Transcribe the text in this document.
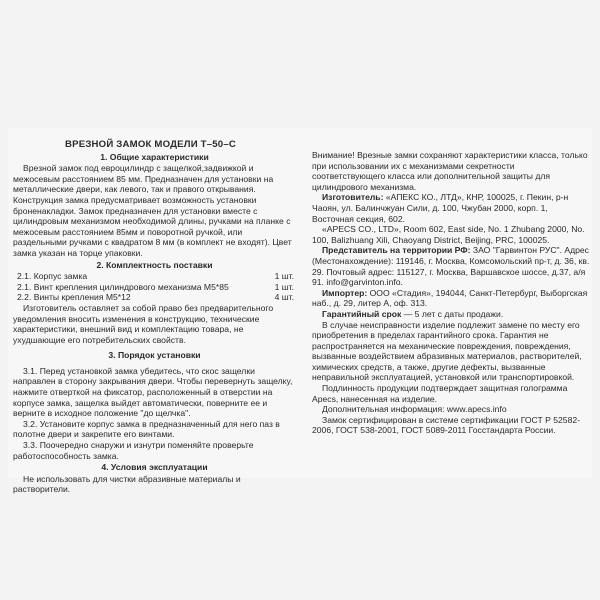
ВРЕЗНОЙ ЗАМОК МОДЕЛИ Т–50–С
1. Общие характеристики

Врезной замок под евроцилиндр с защелкой,задвижкой и межосевым расстоянием 85 мм. Предназначен для установки на металлические двери, как левого, так и правого открывания. Конструкция замка предусматривает возможность установки броненакладки. Замок предназначен для установки вместе с цилиндровым механизмом необходимой длины, ручками на планке с межосевым расстоянием 85мм и поворотной ручкой, или раздельными ручками с квадратом 8 мм (в комплект не входят). Цвет замка указан на торце упаковки.

2. Комплектность поставки
2.1. Корпус замка	1 шт.
2.1. Винт крепления цилиндрового механизма М5*85	1 шт.
2.2. Винты крепления М5*12	4 шт.

Изготовитель оставляет за собой право без предварительного уведомления вносить изменения в конструкцию, технические характеристики, внешний вид и комплектацию товара, не ухудшающие его потребительских свойств.

3. Порядок установки

3.1. Перед установкой замка убедитесь, что скос защелки направлен в сторону закрывания двери. Чтобы перевернуть защелку, нажмите отверткой на фиксатор, расположенный в отверстии на корпусе замка, защелка выйдет автоматически, поверните ее и верните в исходное положение "до щелчка".

3.2. Установите корпус замка в предназначенный для него паз в полотне двери и закрепите его винтами.

3.3. Поочередно снаружи и изнутри поменяйте проверьте работоспособность замка.

4. Условия эксплуатации

Не использовать для чистки абразивные материалы и растворители.

Внимание! Врезные замки сохраняют характеристики класса, только при использовании их с механизмами секретности соответствующего класса или дополнительной защиты для цилиндрового механизма.

Изготовитель: «АПЕКС КО., ЛТД», КНР, 100025, г. Пекин, р-н Чаоян, ул. Балинчжуан Сили, д. 100, Чжубан 2000, корп. 1, Восточная секция, 602.

«APECS CO., LTD», Room 602, East side, No. 1 Zhubang 2000, No. 100, Balizhuang Xili, Chaoyang District, Beijing, PRC, 100025.

Представитель на территории РФ: ЗАО "Гарвинтон РУС". Адрес (Местонахождение): 119146, г. Москва, Комсомольский пр-т, д. 36, кв. 29. Почтовый адрес: 115127, г. Москва, Варшавское шоссе, д.37, а/я 91. info@garvinton.info.

Импортер: ООО «Стадия», 194044, Санкт-Петербург, Выборгская наб., д. 29, литер А, оф. 313.

Гарантийный срок — 5 лет с даты продажи.

В случае неисправности изделие подлежит замене по месту его приобретения в пределах гарантийного срока. Гарантия не распространяется на механические повреждения, повреждения, вызванные воздействием абразивных материалов, растворителей, химических средств, а также, другие дефекты, вызванные неправильной эксплуатацией, установкой или транспортировкой.

Подлинность продукции подтверждает защитная голограмма Apecs, нанесенная на изделие.

Дополнительная информация: www.apecs.info

Замок сертифицирован в системе сертификации ГОСТ Р 52582-2006, ГОСТ 538-2001, ГОСТ 5089-2011 Госстандарта России.
